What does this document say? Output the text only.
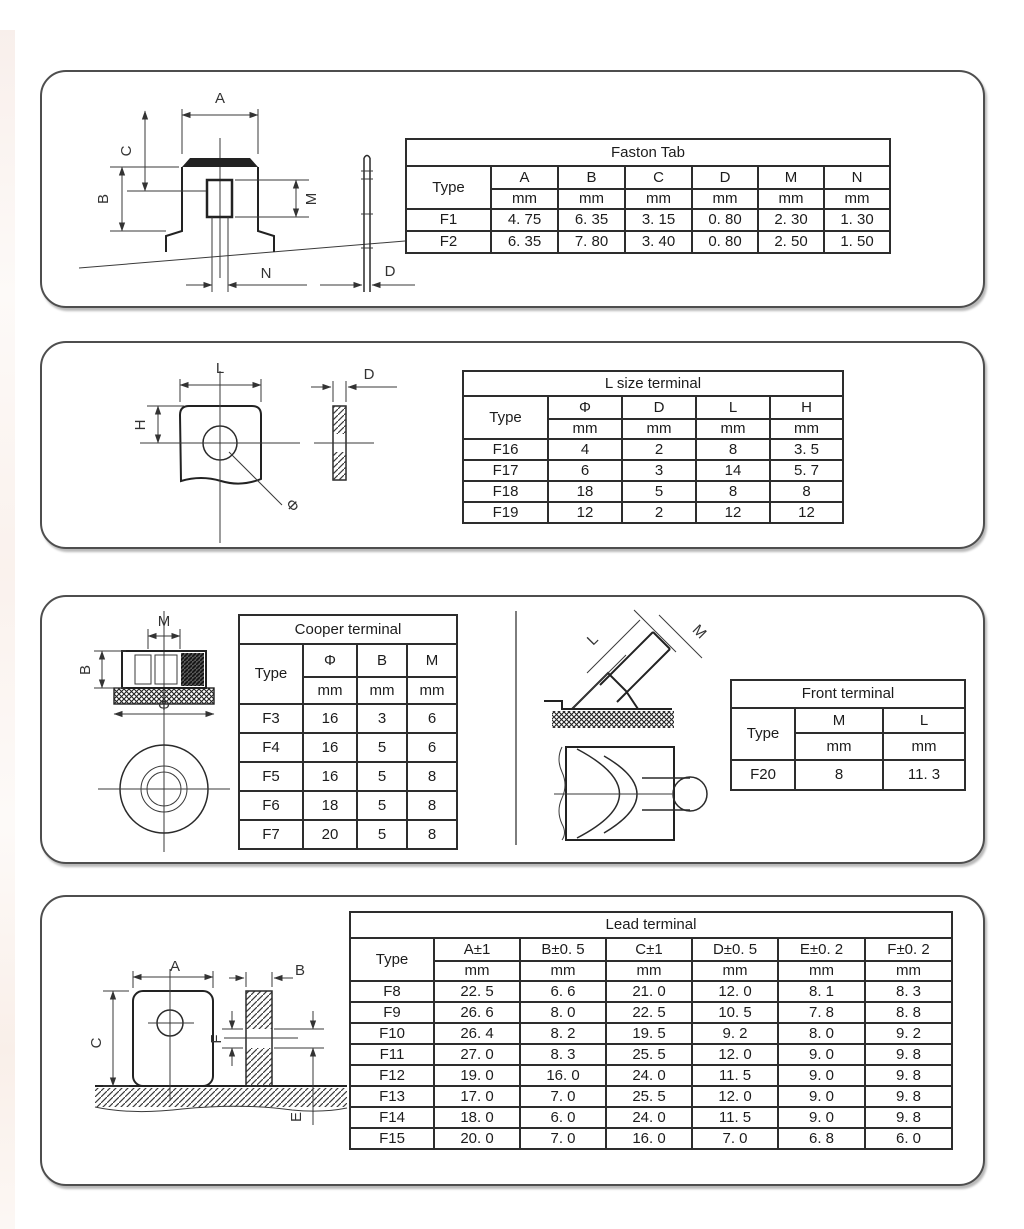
A
C
B	M
N	D
Faston Tab						
Type	A	B	C	D	M	N
	mm	mm	mm	mm	mm	mm
F1	4. 75	6. 35	3. 15	0. 80	2. 30	1. 30
F2	6. 35	7. 80	3. 40	0. 80	2. 50	1. 50
L
H
Φ
D
L size terminal				
Type	Φ	D	L	H
	mm	mm	mm	mm
F16	4	2	8	3. 5
F17	6	3	14	5. 7
F18	18	5	8	8
F19	12	2	12	12
M
B
Φ
Cooper terminal			
Type	Φ	B	M
	mm	mm	mm
F3	16	3	6
F4	16	5	6
F5	16	5	8
F6	18	5	8
F7	20	5	8
L	M
Front terminal		
Type	M	L
	mm	mm
F20	8	11. 3
A
C
B
F
E
Lead terminal						
Type	A±1	B±0. 5	C±1	D±0. 5	E±0. 2	F±0. 2
	mm	mm	mm	mm	mm	mm
F8	22. 5	6. 6	21. 0	12. 0	8. 1	8. 3
F9	26. 6	8. 0	22. 5	10. 5	7. 8	8. 8
F10	26. 4	8. 2	19. 5	9. 2	8. 0	9. 2
F11	27. 0	8. 3	25. 5	12. 0	9. 0	9. 8
F12	19. 0	16. 0	24. 0	11. 5	9. 0	9. 8
F13	17. 0	7. 0	25. 5	12. 0	9. 0	9. 8
F14	18. 0	6. 0	24. 0	11. 5	9. 0	9. 8
F15	20. 0	7. 0	16. 0	7. 0	6. 8	6. 0
